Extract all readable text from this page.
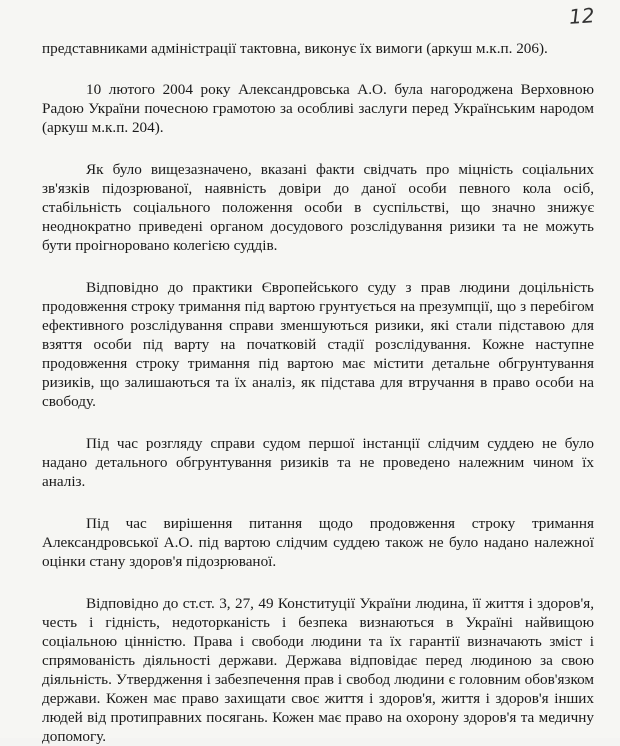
12

представниками адміністрації тактовна, виконує їх вимоги (аркуш м.к.п. 206).

10 лютого 2004 року Александровська А.О. була нагороджена Верховною Радою України почесною грамотою за особливі заслуги перед Українським народом (аркуш м.к.п. 204).

Як було вищезазначено, вказані факти свідчать про міцність соціальних зв'язків підозрюваної, наявність довіри до даної особи певного кола осіб, стабільність соціального положення особи в суспільстві, що значно знижує неоднократно приведені органом досудового розслідування ризики та не можуть бути проігноровано колегією суддів.

Відповідно до практики Європейського суду з прав людини доцільність продовження строку тримання під вартою грунтується на презумпції, що з перебігом ефективного розслідування справи зменшуються ризики, які стали підставою для взяття особи під варту на початковій стадії розслідування. Кожне наступне продовження строку тримання під вартою має містити детальне обгрунтування ризиків, що залишаються та їх аналіз, як підстава для втручання в право особи на свободу.

Під час розгляду справи судом першої інстанції слідчим суддею не було надано детального обгрунтування ризиків та не проведено належним чином їх аналіз.

Під час вирішення питання щодо продовження строку тримання Александровської А.О. під вартою слідчим суддею також не було надано належної оцінки стану здоров'я підозрюваної.

Відповідно до ст.ст. 3, 27, 49 Конституції України людина, її життя і здоров'я, честь і гідність, недоторканість і безпека визнаються в Україні найвищою соціальною цінністю. Права і свободи людини та їх гарантії визначають зміст і спрямованість діяльності держави. Держава відповідає перед людиною за свою діяльність. Утвердження і забезпечення прав і свобод людини є головним обов'язком держави. Кожен має право захищати своє життя і здоров'я, життя і здоров'я інших людей від протиправних посягань. Кожен має право на охорону здоров'я та медичну допомогу.
